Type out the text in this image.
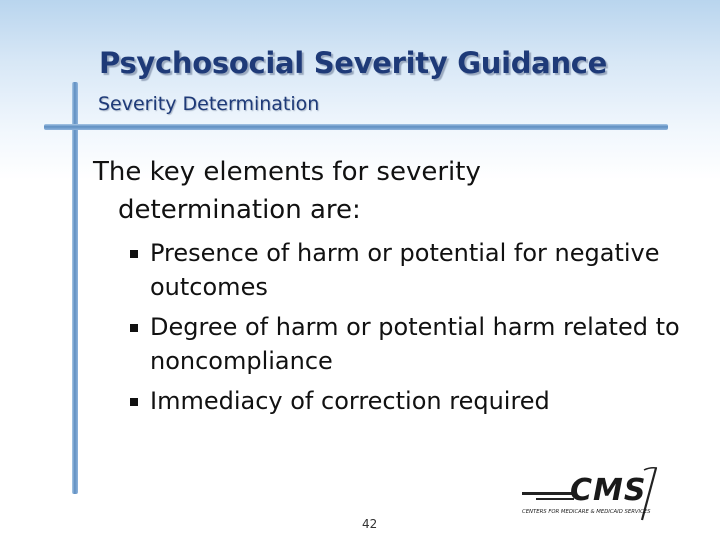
Psychosocial Severity Guidance
Severity Determination

The key elements for severity
determination are:

Presence of harm or potential for negative outcomes
Degree of harm or potential harm related to noncompliance
Immediacy of correction required
42
CMS
CENTERS FOR MEDICARE & MEDICAID SERVICES
